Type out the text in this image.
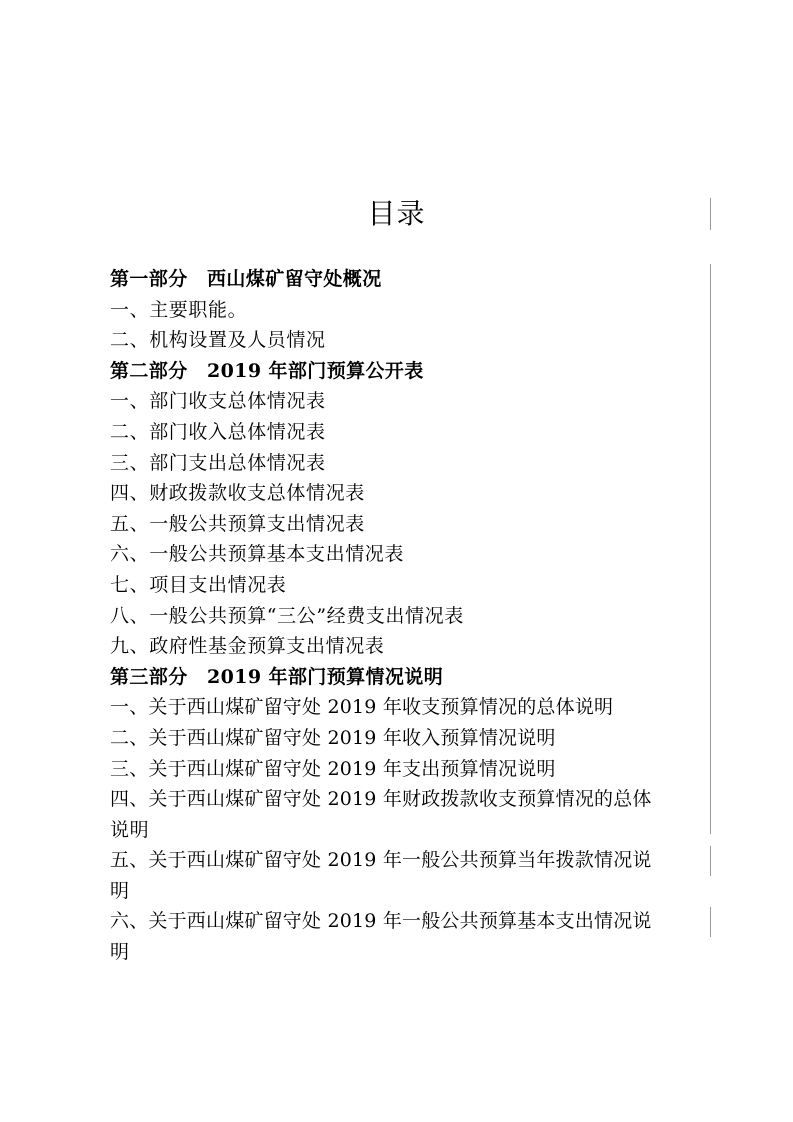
目录
第一部分　西山煤矿留守处概况
一、主要职能。
二、机构设置及人员情况
第二部分　2019 年部门预算公开表
一、部门收支总体情况表
二、部门收入总体情况表
三、部门支出总体情况表
四、财政拨款收支总体情况表
五、一般公共预算支出情况表
六、一般公共预算基本支出情况表
七、项目支出情况表
八、一般公共预算“三公”经费支出情况表
九、政府性基金预算支出情况表
第三部分　2019 年部门预算情况说明
一、关于西山煤矿留守处 2019 年收支预算情况的总体说明
二、关于西山煤矿留守处 2019 年收入预算情况说明
三、关于西山煤矿留守处 2019 年支出预算情况说明
四、关于西山煤矿留守处 2019 年财政拨款收支预算情况的总体
说明
五、关于西山煤矿留守处 2019 年一般公共预算当年拨款情况说
明
六、关于西山煤矿留守处 2019 年一般公共预算基本支出情况说
明
